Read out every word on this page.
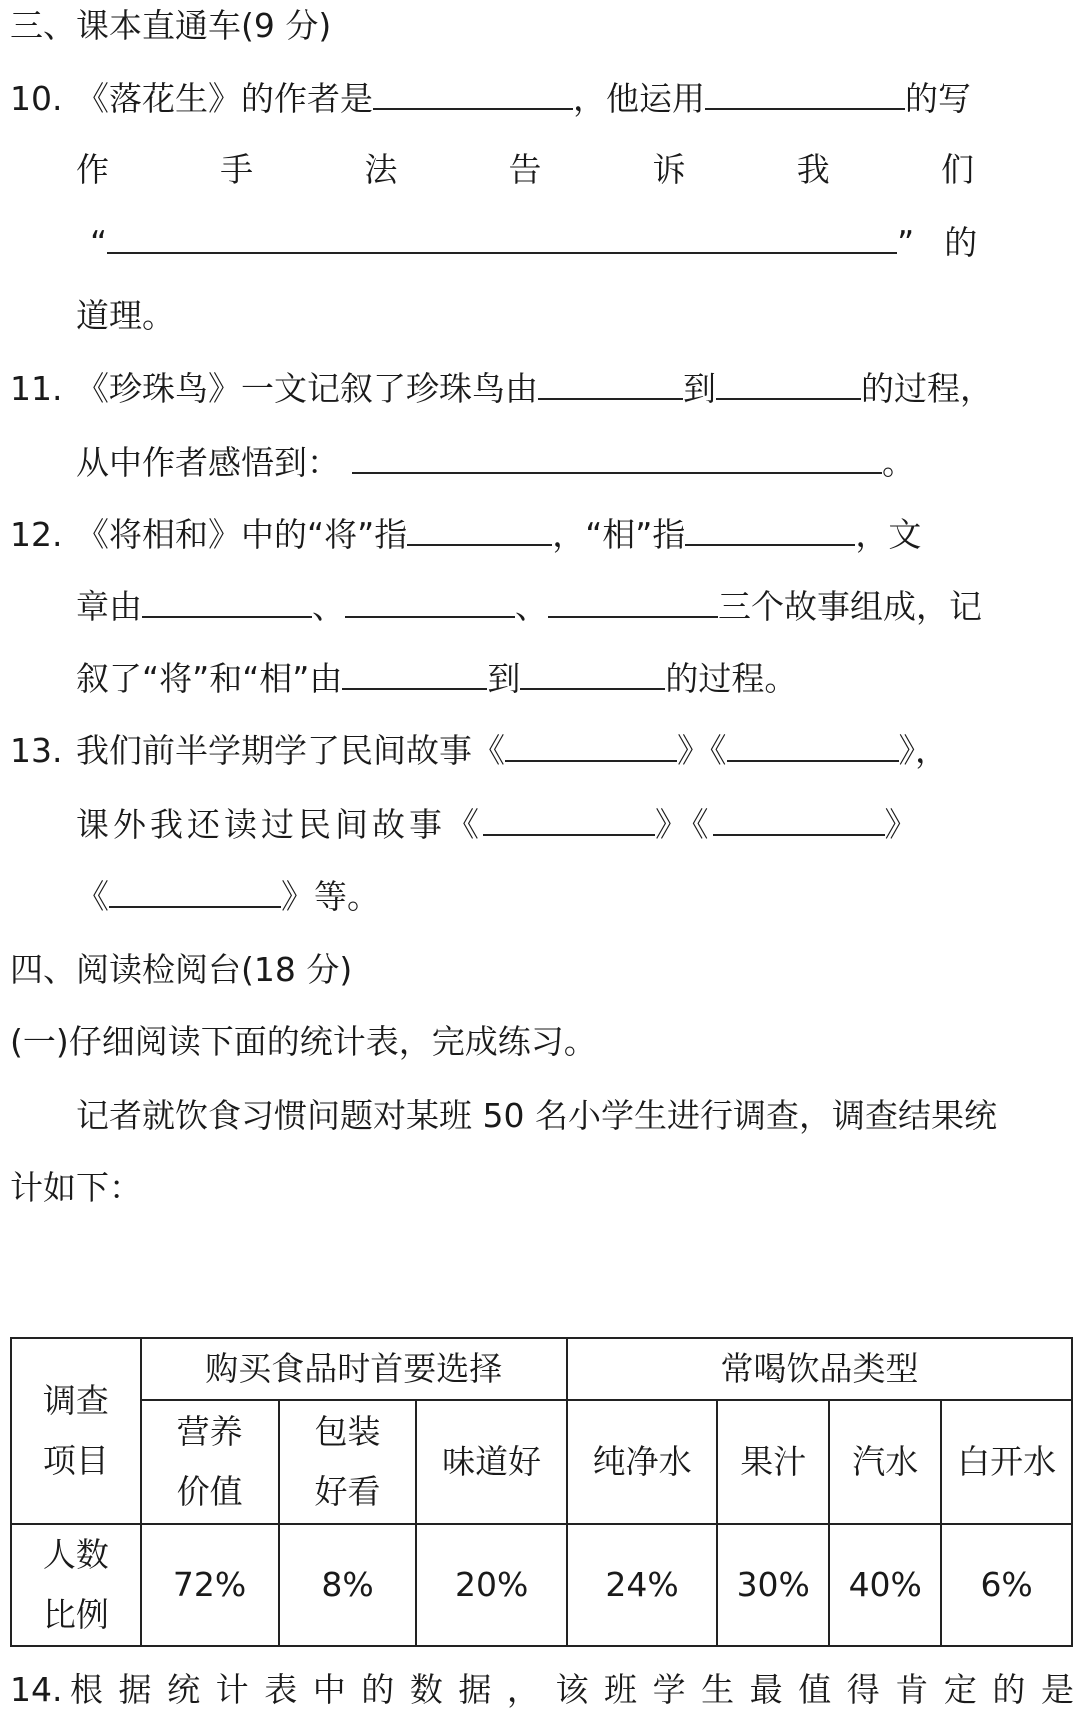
三、课本直通车(9 分)
10. 《落花生》的作者是	，他运用	的写
作	手	法	告	诉	我	们
“	” 的
道理。
11. 《珍珠鸟》一文记叙了珍珠鸟由	到	的过程，
从中作者感悟到：	。
12. 《将相和》中的“将”指	，“相”指	，文
章由	、	、	三个故事组成，记
叙了“将”和“相”由	到	的过程。
13. 我们前半学期学了民间故事《	》《	》，
课外我还读过民间故事《	》《	》
《	》等。
四、阅读检阅台(18 分)
(一)仔细阅读下面的统计表，完成练习。
记者就饮食习惯问题对某班 50 名小学生进行调查，调查结果统
计如下：
调查项目	购买食品时首要选择			常喝饮品类型			
	营养价值	包装好看	味道好	纯净水	果汁	汽水	白开水
人数比例	72%	8%	20%	24%	30%	40%	6%
14. 根 据 统 计 表 中 的 数 据 ， 该 班 学 生 最 值 得 肯 定 的 是
